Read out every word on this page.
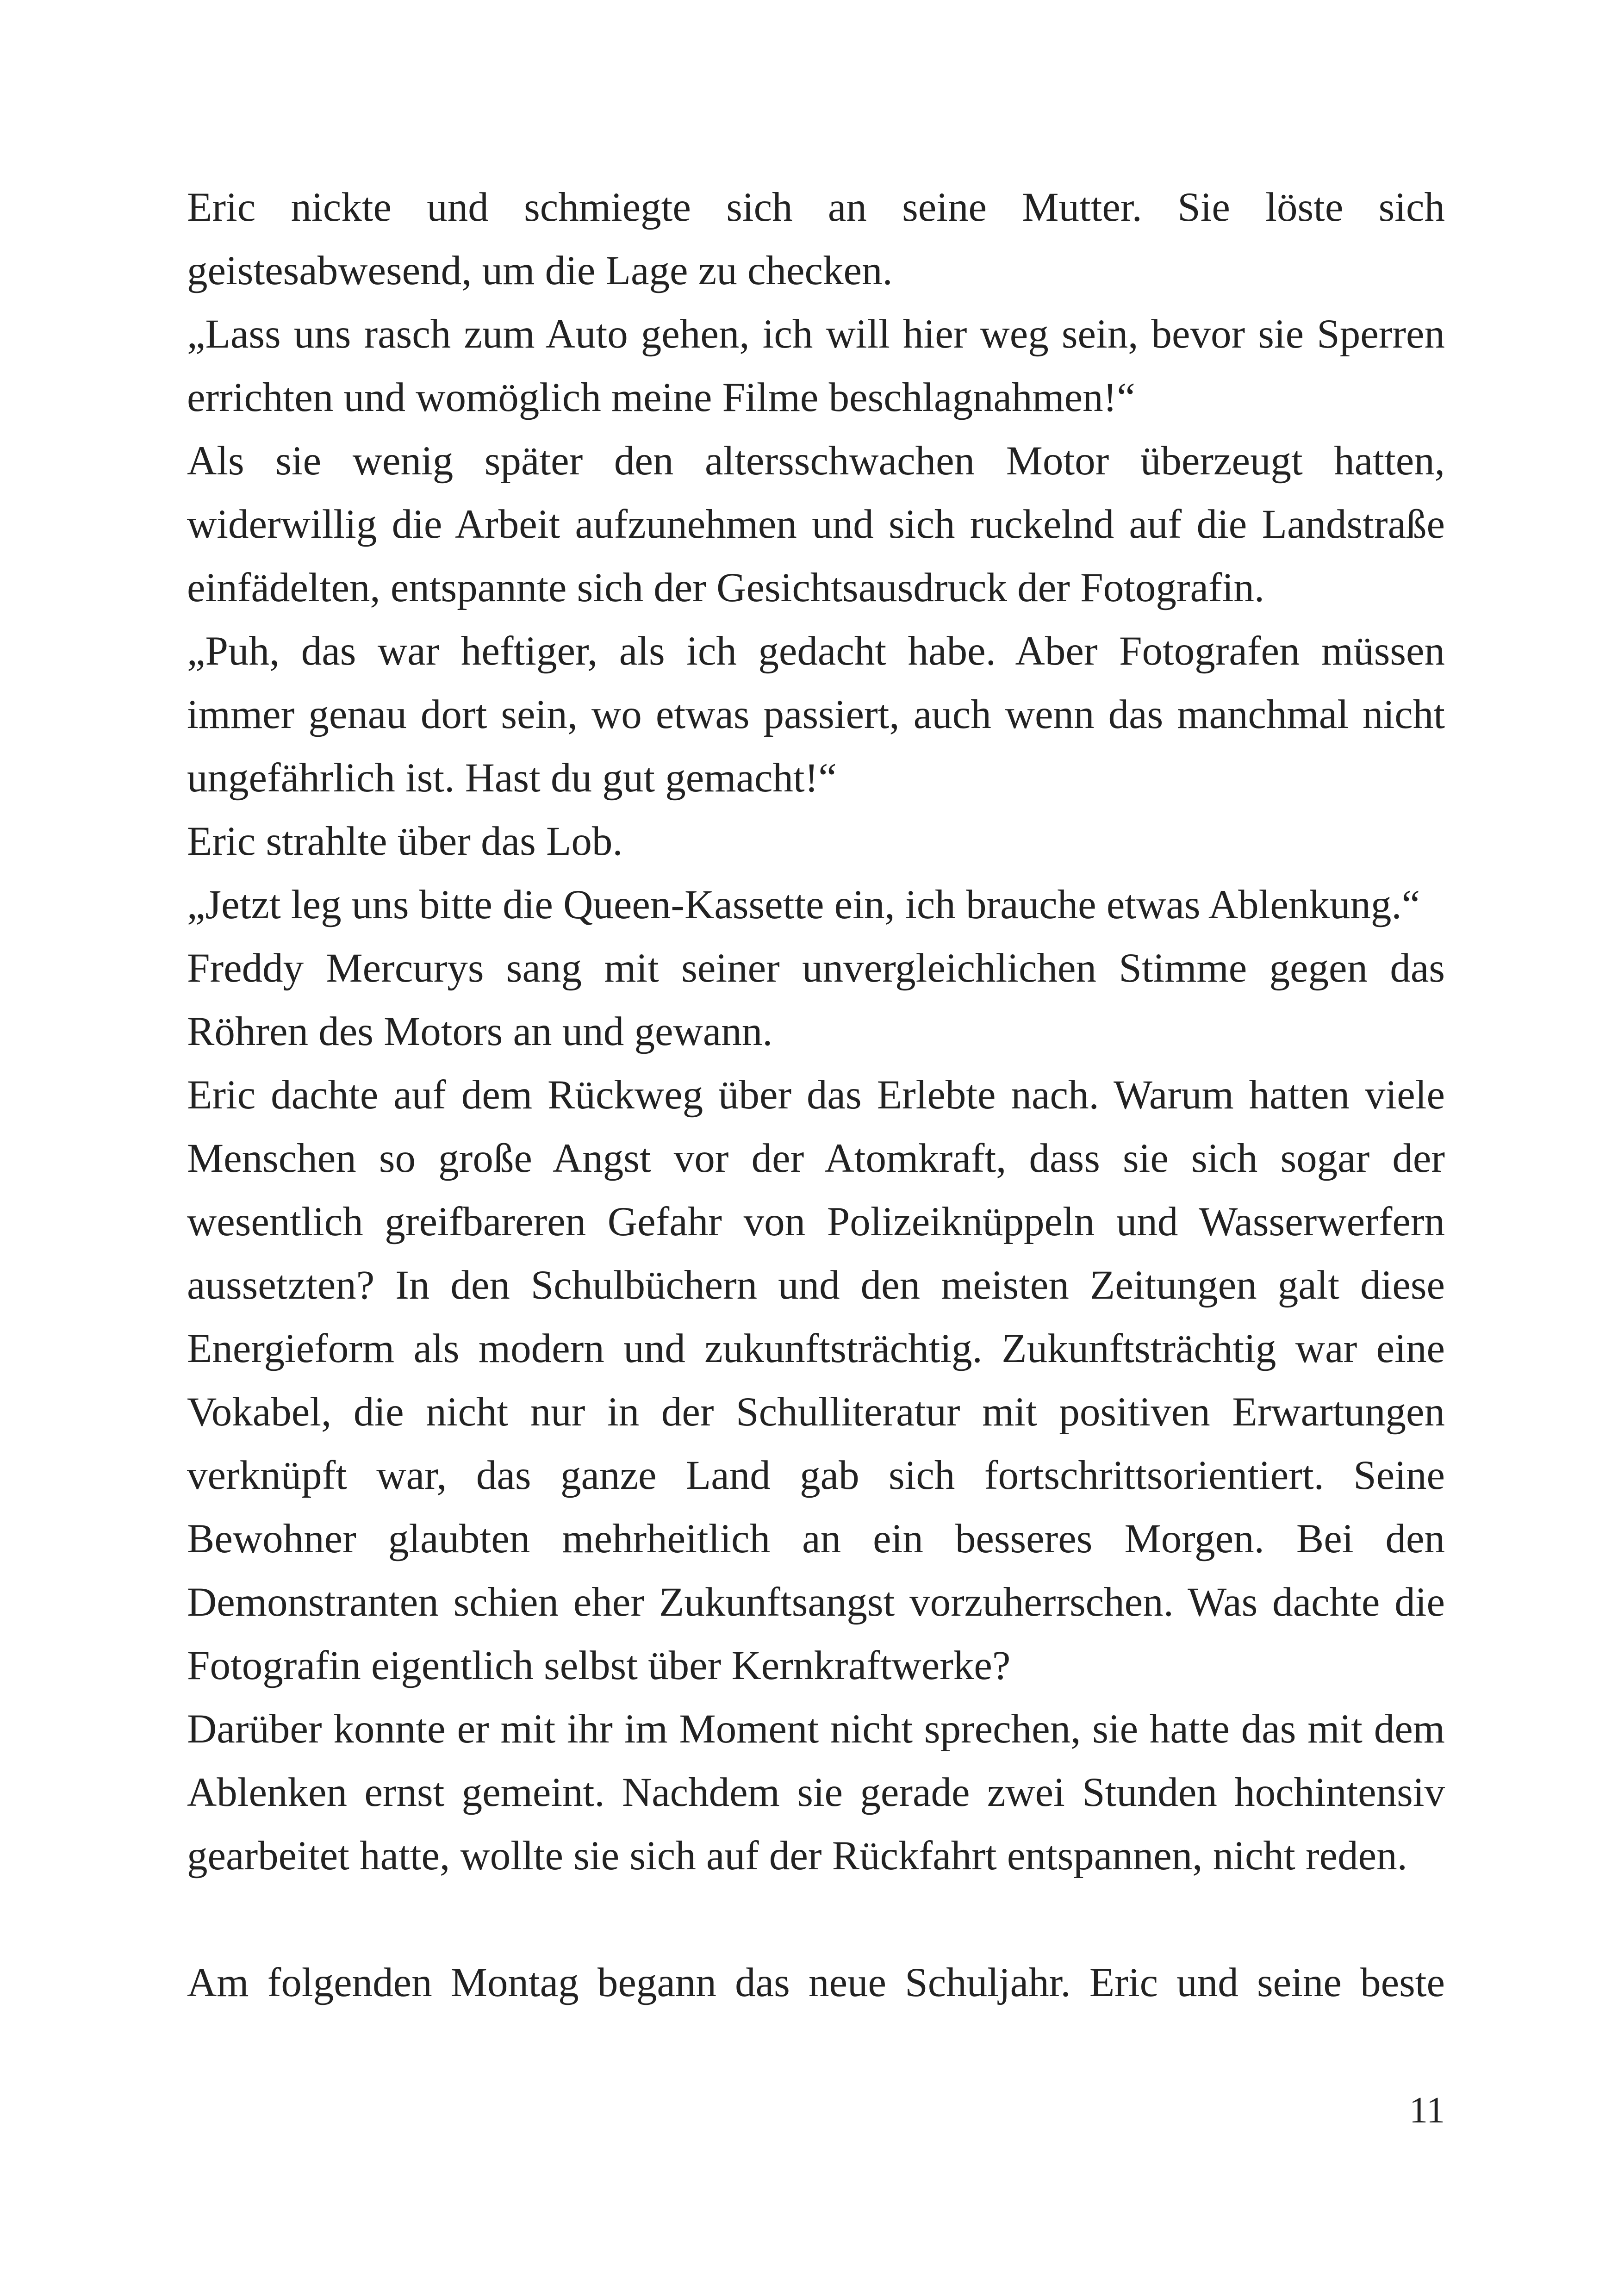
Eric nickte und schmiegte sich an seine Mutter. Sie löste sich geistesabwesend, um die Lage zu checken.

„Lass uns rasch zum Auto gehen, ich will hier weg sein, bevor sie Sperren errichten und womöglich meine Filme beschlagnahmen!“

Als sie wenig später den altersschwachen Motor überzeugt hatten, widerwillig die Arbeit aufzunehmen und sich ruckelnd auf die Landstraße einfädelten, entspannte sich der Gesichtsausdruck der Fotografin.

„Puh, das war heftiger, als ich gedacht habe. Aber Fotografen müssen immer genau dort sein, wo etwas passiert, auch wenn das manchmal nicht ungefährlich ist. Hast du gut gemacht!“

Eric strahlte über das Lob.

„Jetzt leg uns bitte die Queen-Kassette ein, ich brauche etwas Ablenkung.“

Freddy Mercurys sang mit seiner unvergleichlichen Stimme gegen das Röhren des Motors an und gewann.

Eric dachte auf dem Rückweg über das Erlebte nach. Warum hatten viele Menschen so große Angst vor der Atomkraft, dass sie sich sogar der wesentlich greifbareren Gefahr von Polizeiknüppeln und Wasserwerfern aussetzten? In den Schulbüchern und den meisten Zeitungen galt diese Energieform als modern und zukunftsträchtig. Zukunftsträchtig war eine Vokabel, die nicht nur in der Schulliteratur mit positiven Erwartungen verknüpft war, das ganze Land gab sich fortschrittsorientiert. Seine Bewohner glaubten mehrheitlich an ein besseres Morgen. Bei den Demonstranten schien eher Zukunftsangst vorzuherrschen. Was dachte die Fotografin eigentlich selbst über Kernkraftwerke?

Darüber konnte er mit ihr im Moment nicht sprechen, sie hatte das mit dem Ablenken ernst gemeint. Nachdem sie gerade zwei Stunden hochintensiv gearbeitet hatte, wollte sie sich auf der Rückfahrt entspannen, nicht reden.

Am folgenden Montag begann das neue Schuljahr. Eric und seine beste

11
